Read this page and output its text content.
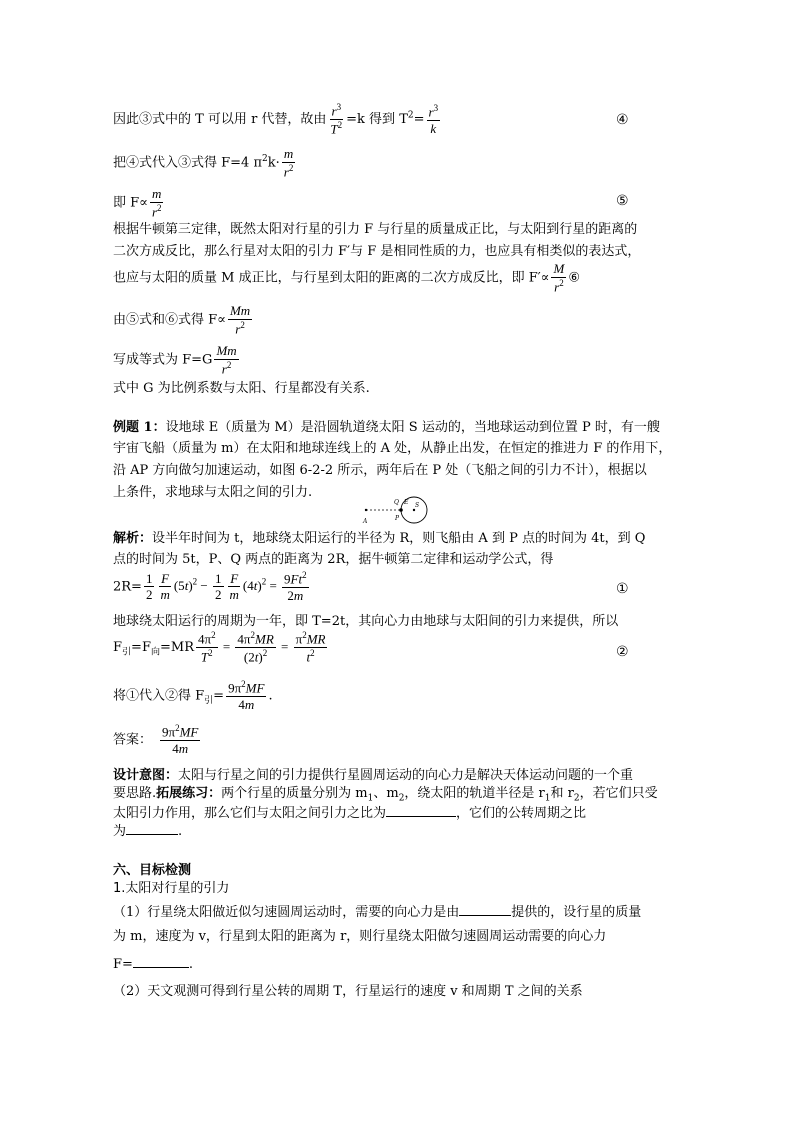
因此③式中的 T 可以用 r 代替，故由 $\frac{r^3}{T^2} =k$ 得到 $T^2= \frac{r^3}{k}$	④
把④式代入③式得 F=4 $\pi^2k\cdot \frac{m}{r^2}$
即 $F\propto \frac{m}{r^2}$	⑤
根据牛顿第三定律，既然太阳对行星的引力 F 与行星的质量成正比，与太阳到行星的距离的
二次方成反比，那么行星对太阳的引力 F′与 F 是相同性质的力，也应具有相类似的表达式，
也应与太阳的质量 M 成正比，与行星到太阳的距离的二次方成反比，即 $F'\propto \frac{M}{r^2}$ ⑥
由⑤式和⑥式得 $F\propto \frac{Mm}{r^2}$
写成等式为 $F=G \frac{Mm}{r^2}$
式中 G 为比例系数与太阳、行星都没有关系.
例题 1：设地球 E（质量为 M）是沿圆轨道绕太阳 S 运动的，当地球运动到位置 P 时，有一艘
宇宙飞船（质量为 m）在太阳和地球连线上的 A 处，从静止出发，在恒定的推进力 F 的作用下，
沿 AP 方向做匀加速运动，如图 6-2-2 所示，两年后在 P 处（飞船之间的引力不计），根据以
上条件，求地球与太阳之间的引力.
A	P
Q	S
E
解析：设半年时间为 t，地球绕太阳运行的半径为 R，则飞船由 A 到 P 点的时间为 4t，到 Q
点的时间为 5t，P、Q 两点的距离为 2R，据牛顿第二定律和运动学公式，得
$2R= \frac{1}{2} \frac{F}{m} (5t)^2 - \frac{1}{2} \frac{F}{m} (4t)^2 = \frac{9Ft^2}{2m}$	①
地球绕太阳运行的周期为一年，即 T=2t，其向心力由地球与太阳间的引力来提供，所以
$F_引=F_向=MR \frac{4\pi^2}{T^2} = \frac{4\pi^2MR}{(2t)^2} = \frac{\pi^2MR}{t^2}$	②
将①代入②得 $F_引= \frac{9\pi^2MF}{4m}$ .
答案： $\frac{9\pi^2MF}{4m}$
设计意图：太阳与行星之间的引力提供行星圆周运动的向心力是解决天体运动问题的一个重
要思路.拓展练习：两个行星的质量分别为 $m_1$、$m_2$，绕太阳的轨道半径是 $r_1$和 $r_2$，若它们只受
太阳引力作用，那么它们与太阳之间引力之比为	，它们的公转周期之比
为	.
六、目标检测
1.太阳对行星的引力
（1）行星绕太阳做近似匀速圆周运动时，需要的向心力是由	提供的，设行星的质量
为 m，速度为 v，行星到太阳的距离为 r，则行星绕太阳做匀速圆周运动需要的向心力
F=	.
（2）天文观测可得到行星公转的周期 T，行星运行的速度 v 和周期 T 之间的关系
